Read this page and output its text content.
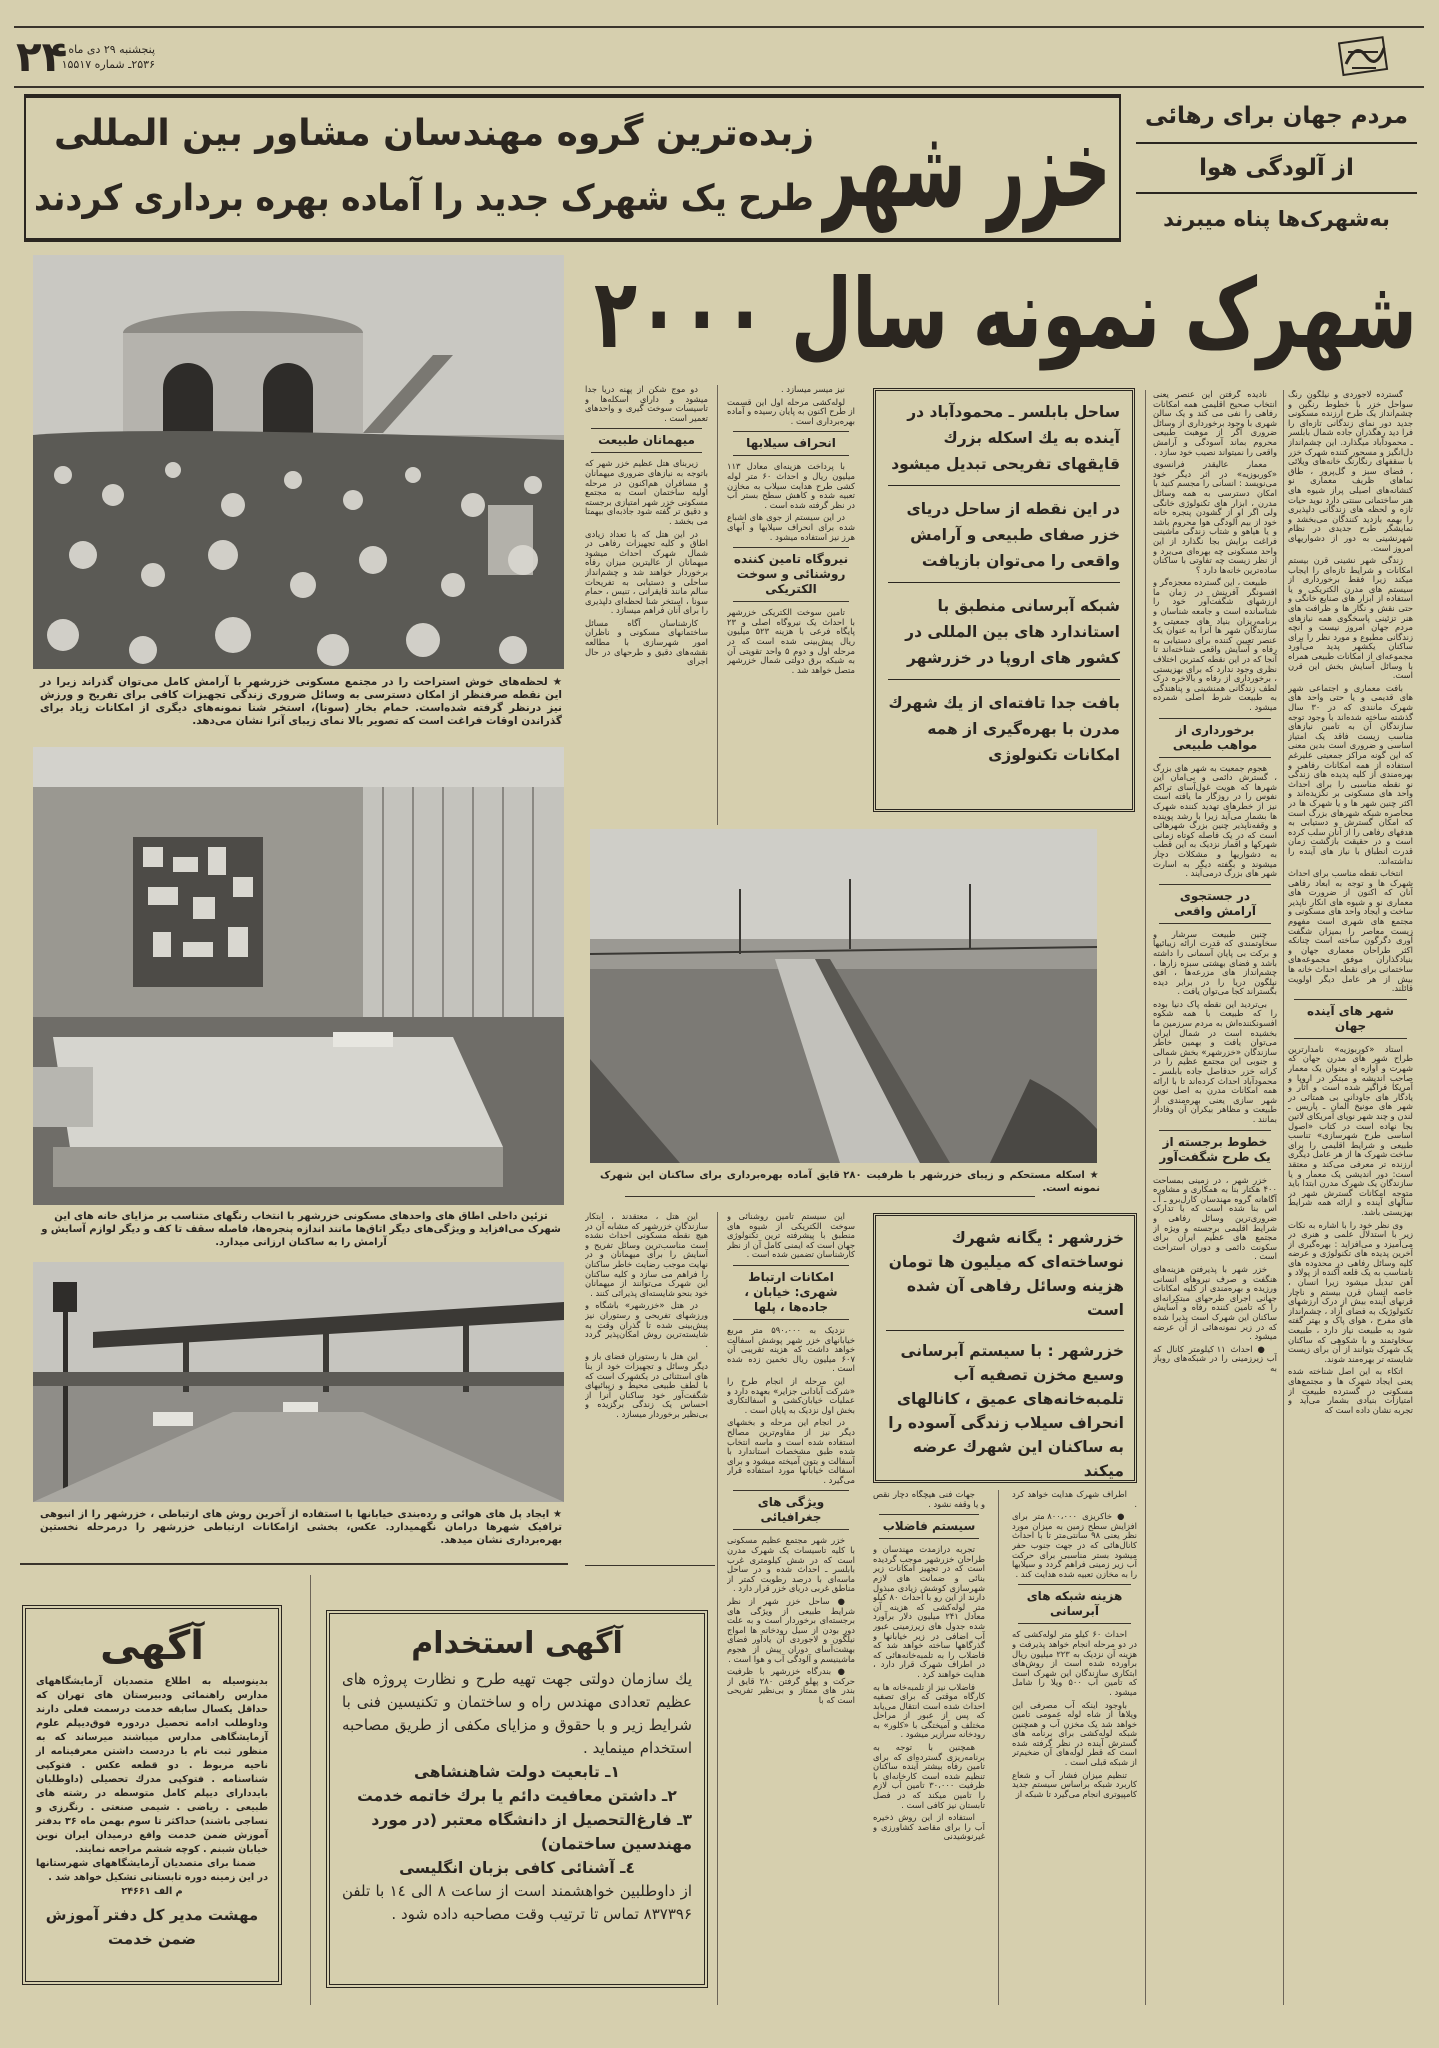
۲۴ پنجشنبه ۲۹ دی ماه
۲۵۳۶ـ شماره ۱۵۵۱۷
مردم جهان برای رهائی
از آلودگی هوا
به‌شهرک‌ها پناه میبرند
خزر شهر
زبده‌ترین گروه مهندسان مشاور بین المللی
طرح یک شهرک جدید را آماده بهره برداری کردند
شهرک نمونه سال ۲۰۰۰
★ لحظه‌های خوش استراحت را در مجتمع مسکونی خزرشهر با آرامش کامل می‌توان گذراند زیرا در این نقطه صرفنظر از امکان دسترسی به وسائل ضروری زندگی تجهیزات کافی برای تفریح و ورزش نیز درنظر گرفته شده‌است. حمام بخار (سونا)، استخر شنا نمونه‌های دیگری از امکانات زیاد برای گذراندن اوقات فراغت است که تصویر بالا نمای زیبای آنرا نشان می‌دهد.
تزئین داخلی اطاق های واحدهای مسکونی خزرشهر با انتخاب رنگهای متناسب بر مزایای خانه های این شهرک می‌افزاید و ویژگی‌های دیگر اتاق‌ها مانند اندازه پنجره‌ها، فاصله سقف تا کف و دیگر لوازم آسایش و آرامش را به ساکنان ارزانی میدارد.
★ ایجاد پل های هوائی و ردەبندی خیابانها با استفاده از آخرین روش های ارتباطی ، خزرشهر را از انبوهی ترافیک شهرها درامان نگهمیدارد. عکس، بخشی ازامکانات ارتباطی خزرشهر را درمرحله نخستین بهره‌برداری نشان میدهد.

دو موج شکن از پهنه دریا جدا میشود و دارای اسکله‌ها و تاسیسات سوخت گیری و واحدهای تعمیر است .

میهمانان طبیعت

زیربنای هتل عظیم خزر شهر که باتوجه به نیازهای ضروری میهمانان و مسافران هم‌اکنون در مرحله اولیه ساختمان است به مجتمع مسکونی خزر شهر امتیازی برجسته و دقیق تر گفته شود جاذبه‌ای بیهمتا می بخشد .

در این هتل که با تعداد زیادی اطاق و کلیه تجهیزات رفاهی در شمال شهرک احداث میشود میهمانان از عالیترین میزان رفاه برخوردار خواهند شد و چشم‌انداز ساحلی و دستیابی به تفریحات سالم مانند قایقرانی ، تنیس ، حمام سونا ، استخر شنا لحظه‌ای دلپذیری را برای آنان فراهم میسازد .

کارشناسان آگاه مسائل ساختمانهای مسکونی و ناظران امور شهرسازی با مطالعه نقشه‌های دقیق و طرحهای در حال اجرای

نیز میسر میسازد .

لوله‌کشی مرحله اول این قسمت از طرح اکنون به پایان رسیده و آماده بهره‌برداری است .

انحراف سیلابها

با پرداخت هزینه‌ای معادل ۱۱۳ میلیون ریال و احداث ۶۰ متر لوله کشی طرح هدایت سیلاب به مخازن تعبیه شده و کاهش سطح بستر آب در نظر گرفته شده است .

در این سیستم از جوی های اشباع شده برای انحراف سیلابها و آبهای هرز نیز استفاده میشود .

نیروگاه تامین کننده روشنائی و سوخت الکتریکی

تامین سوخت الکتریکی خزرشهر با احداث یک نیروگاه اصلی و ۲۳ پایگاه فرعی با هزینه ۵۲۳ میلیون ریال پیش‌بینی شده است که در مرحله اول و دوم ۵ واحد تقویتی آن به شبکه برق دولتی شمال خزرشهر متصل خواهد شد .

ساحل بابلسر ـ محمودآباد در آینده به یك اسکله بزرك قایقهای تفریحی تبدیل میشود
در این نقطه از ساحل دریای خزر صفای طبیعی و آرامش واقعی را می‌توان بازیافت
شبکه آبرسانی منطبق با استاندارد های بین المللی در کشور های اروپا در خزرشهر
بافت جدا تافته‌ای از یك شهرك مدرن با بهره‌گیری از همه امکانات تکنولوژی

نادیده گرفتن این عنصر یعنی انتخاب صحیح اقلیمی همه امکانات رفاهی را نفی می کند و یک سالن شهری با وجود برخورداری از وسائل ضروری اگر از موهبت طبیعی محروم بماند آسودگی و آرامش واقعی را نمیتواند نصیب خود سازد .

معمار عالیقدر فرانسوی «کوربوزیه» در اثر دیگر خود می‌نویسد : انسانی را مجسم کنید با امکان دسترسی به همه وسائل مدرن ، ابزار های تکنولوژی خانگی ولی اگر او از گشودن پنجره خانه خود از بیم آلودگی هوا محروم باشد و یا هیاهو و شتاب زندگی ماشینی فراغت برایش بجا نگذارد از این واحد مسکونی چه بهره‌ای می‌برد و از نظر زیست چه تفاوتی با ساکنان ساده‌ترین خانه‌ها دارد ؟

طبیعت ، این گسترده معجزه‌گر و افسونگر آفرینش در زمان ما ارزشهای شگفت‌آور خود را شناسانده است و جامعه شناسان و برنامه‌ریزان بنیاد های جمعیتی و سازندگان شهر ها آنرا به عنوان یک عنصر تعیین کننده برای دستیابی به رفاه و آسایش واقعی شناخته‌اند تا آنجا که در این نقطه کمترین اختلاف نظری وجود ندارد که برای بهزیستی ، برخورداری از رفاه و بالاخره درک لطف زندگانی همنشینی و پناهندگی به طبیعت شرط اصلی شمرده میشود .

برخورداری از مواهب طبیعی

هجوم جمعیت به شهر های بزرگ ، گسترش دائمی و بی‌امان این شهرها که هویت غول‌آسای تراکم نفوس را در روزگار ما یافته است نیز از خطرهای تهدید کننده شهرک ها بشمار می‌آید زیرا با رشد پوینده و وقفه‌ناپذیر چنین بزرگ شهرهائی است که در یک فاصله کوتاه زمانی شهرکها و اقمار نزدیک به این قطب به دشواریها و مشکلات دچار میشوند و بگفته دیگر به اسارت شهر های بزرگ درمی‌آیند .

در جستجوی آرامش واقعی

چنین طبیعت سرشار و سخاوتمندی که قدرت ارائه زیبائیها و برکت بی پایان آسمانی را داشته باشد و فضای بهشتی سبزه زارها ، چشم‌انداز های مزرعه‌ها ، افق نیلگون دریا را در برابر دیده بگستراند کجا می‌توان یافت .

بی‌تردید این نقطه پاک دنیا بوده را که طبیعت با همه شکوه افسونکننده‌اش به مردم سرزمین ما بخشیده است در شمال ایران می‌توان یافت و بهمین خاطر سازندگان «خزرشهر» بخش شمالی و جنوبی این مجتمع عظیم را در کرانه خزر حدفاصل جاده بابلسر ـ محمودآباد احداث کرده‌اند تا با ارائه همه امکانات مدرن به اصل نوین شهر سازی یعنی بهره‌مندی از طبیعت و مظاهر بیکران آن وفادار بمانند .

خطوط برجسته از یک طرح شگفت‌آور

خزر شهر ، در زمینی بمساحت ۴۰۰ هکتار بنا به همکاری و مشاوره آگاهانه گروه مهندسان کارل‌برو ـ آ ـ اس بنا شده است که با تدارک ضروری‌ترین وسائل رفاهی و شرایط اقلیمی برجسته و ویژه از مجتمع های عظیم ایران برای سکونت دائمی و دوران استراحت است .

خزر شهر با پذیرفتن هزینه‌های هنگفت و صرف نیروهای انسانی ورزیده و بهره‌مندی از کلیه امکانات جهانی اجرای طرحهای مبتکرانه‌ای را که تامین کننده رفاه و آسایش ساکنان این شهرک است پذیرا شده که در زیر نمونه‌هائی از آن عرضه میشود .

● احداث ۱۱ کیلومتر کانال که آب زیرزمینی را در شبکه‌های روباز به

گسترده لاجوردی و نیلگون رنگ سواحل خزر با خطوط رنگین و چشم‌انداز یک طرح ارزنده مسکونی جدید دور نمای زندگانی تازه‌ای را فرا دید رهگذران جاده شمال بابلسر ـ محمودآباد میگذارد. این چشم‌انداز دل‌انگیز و مسحور کننده شهرک خزر با سقفهای رنگارنگ خانه‌های ویلائی ، فضای سبز و گل‌پرور ، طاق نماهای ظریف معماری نو کنشانه‌های اصیلی پراز شیوه های هنر ساختمانی سنتی دارد نوید حیات تازه و لحظه های زندگانی دلپذیری را بهمه بازدید کنندگان می‌بخشد و نمایشگر طرح جدیدی در نظام شهرنشینی به دور از دشواریهای امروز است.

زندگی شهر نشینی قرن بیستم امکانات و شرایط تازه‌ای را ایجاب میکند زیرا فقط برخورداری از سیستم های مدرن الکتریکی و یا استفاده از ابزار های صنایع خانگی و حتی نقش و نگار ها و ظرافت های هنر تزئینی پاسخگوی همه نیازهای مردم جهان امروز نیست و آنچه زندگانی مطبوع و مورد نظر را برای ساکنان یکشهر پدید می‌آورد مجموعه‌ای از امکانات طبیعی همراه با وسائل آسایش بخش این قرن است.

بافت معماری و اجتماعی شهر های قدیمی و یا حتی واحد های شهرک مانندی که در ۳۰ سال گذشته ساخته شده‌اند با وجود توجه سازندگان آن به تامین نیازهای مناسب زیست فاقد یک امتیاز اساسی و ضروری است بدین معنی که این گونه مراکز جمعیتی علیرغم استفاده از همه امکانات رفاهی و بهره‌مندی از کلیه پدیده های زندگی نو نقطه مناسبی را برای احداث واحد های مسکونی بر نگزیده‌اند و اکثر چنین شهر ها و یا شهرک ها در محاصره شبکه شهرهای بزرگ است که امکان گسترش و دستیابی به هدفهای رفاهی را از آنان سلب کرده است و در حقیقت بازگشت زمان قدرت انطباق با نیاز های آینده را نداشته‌اند.

انتخاب نقطه مناسب برای احداث شهرک ها و توجه به ابعاد رفاهی آنان که اکنون از ضرورت های معماری نو و شیوه های انکار ناپذیر ساخت و ایجاد واحد های مسکونی و مجتمع های شهری است مفهوم زیست معاصر را بمیزان شگفت آوری دگرگون ساخته است چنانکه اکثر طراحان معماری جهان و بنیادگذاران موفق مجموعه‌های ساختمانی برای نقطه احداث خانه ها بیش از هر عامل دیگر اولویت قائلند.

شهر های آینده جهان

استاد «کوربوزیه» نامدارترین طراح شهر های مدرن جهان که شهرت و آوازه او بعنوان یک معمار صاحب اندیشه و مبتکر در اروپا و آمریکا فراگیر شده است و آثار و یادگار های جاودانی بی همتائی در شهر های مونیخ آلمان ـ پاریس ـ لندن و چند شهر نوپای آمریکای لاتین بجا نهاده است در کتاب «اصول اساسی طرح شهرسازی» تناسب طبیعی و شرایط اقلیمی را برای ساخت شهرک ها از هر عامل دیگری ارزنده تر معرفی می‌کند و معتقد است: دور اندیشی یک معمار و یا سازندگان یک شهرک مدرن ابتدا باید متوجه امکانات گسترش شهر در سالهای آینده و ارائه همه شرایط بهزیستی باشد.

وی نظر خود را با اشاره به نکات زیر با استدلال علمی و هنری در می‌آمیزد و می‌افزاید : بهره‌گیری از آخرین پدیده های تکنولوژی و عرضه کلیه وسائل رفاهی در محدوده های نامناسب به یک قلعه آکنده از پولاد و آهن تبدیل میشود زیرا انسان ، خاصه انسان قرن بیستم و ناچار قرنهای آینده بیش از درک ارزشهای تکنولوژیک به فضای آزاد ، چشم‌انداز های مفرح ، هوای پاک و بهتر گفته شود به طبیعت نیاز دارد ، طبیعت سخاوتمند و با شکوهی که ساکنان یک شهرک بتوانند از آن برای زیست شایسته تر بهره‌مند شوند.

اتکاء به این اصل شناخته شده یعنی ایجاد شهرک ها و مجتمع‌های مسکونی در گسترده طبیعت از امتیازات بنیادی بشمار می‌آید و تجربه نشان داده است که

★ اسکله مستحکم و زیبای خزرشهر با ظرفیت ۲۸۰ قایق آماده بهره‌برداری برای ساکنان این شهرک نمونه است.

این هتل ، معتقدند ، ابتکار سازندگان خزرشهر که مشابه آن در هیچ نقطه مسکونی احداث نشده است مناسب‌ترین وسائل تفریح و آسایش را برای میهمانان و در نهایت موجب رضایت خاطر ساکنان را فراهم می سازد و کلیه ساکنان این شهرک می‌توانند از میهمانان خود بنحو شایسته‌ای پذیرائی کنند .

در هتل «خزرشهر» باشگاه و ورزشهای تفریحی و رستوران نیز پیش‌بینی شده تا گذران وقت به شایسته‌ترین روش امکان‌پذیر گردد .

این هتل با رستوران فضای باز و دیگر وسائل و تجهیزات خود از بنا های استثنائی در یکشهرک است که با لطف طبیعی محیط و زیبائیهای شگفت‌آور خود ساکنان آنرا از احساس یک زندگی برگزیده و بی‌نظیر برخوردار میسازد .

این سیستم تامین روشنائی و سوخت الکتریکی از شیوه های منطبق با پیشرفته ترین تکنولوژی جهان است که ایمنی کامل آن از نظر کارشناسان تضمین شده است .

امکانات ارتباط شهری: خیابان ، جاده‌ها ، پلها

نزدیک به ۵۹۰،۰۰۰ متر مربع خیابانهای خزر شهر پوشش اسفالت خواهد داشت که هزینه تقریبی آن ۶۰۷ میلیون ریال تخمین زده شده است .

این مرحله از انجام طرح را «شرکت آبادانی جزایر» بعهده دارد و عملیات خیابان‌کشی و اسفالتکاری بخش اول نزدیک به پایان است .

در انجام این مرحله و بخشهای دیگر نیز از مقاوم‌ترین مصالح استفاده شده است و ماسه انتخاب شده طبق مشخصات استاندارد با آسفالت و بتون آمیخته میشود و برای اسفالت خیابانها مورد استفاده قرار می‌گیرد .

ویژگی های جغرافیائی

خزر شهر مجتمع عظیم مسکونی با کلیه تاسیسات یک شهرک مدرن است که در شش کیلومتری غرب بابلسر ـ احداث شده و در ساحل ماسه‌ای با درصد رطوبت کمتر از مناطق غربی دریای خزر قرار دارد .

● ساحل خزر شهر از نظر شرایط طبیعی از ویژگی های برجسته‌ای برخوردار است و به علت دور بودن از سیل رودخانه ها امواج نیلگون و لاجوردی آن یادآور فضای بهشت‌آسای دوران پیش از هجوم ماشینیسم و آلودگی آب و هوا است .

● بندرگاه خزرشهر با ظرفیت حرکت و پهلو گرفتن ۲۸۰ قایق از بندر های ممتاز و بی‌نظیر تفریحی است که با

خزرشهر : یگانه شهرك نوساخته‌ای که میلیون ها تومان هزینه وسائل رفاهی آن شده است
خزرشهر : با سیستم آبرسانی وسیع مخزن تصفیه آب تلمبه‌خانه‌های عمیق ، کانالهای انحراف سیلاب زندگی آسوده را به ساکنان این شهرك عرضه میکند

جهات فنی هیچگاه دچار نقص و یا وقفه نشود .

سیستم فاضلاب

تجربه درازمدت مهندسان و طراحان خزرشهر موجب گردیده است که در تجهیز امکانات زیر بنائی و ضمانت های لازم شهرسازی کوشش زیادی مبذول دارند از این رو با احداث ۸۰ کیلو متر لوله‌کشی که هزینه آن معادل ۲۴۱ میلیون دلار برآورد شده جدول های زیرزمینی عبور آب اضافی در زیر خیابانها و گذرگاهها ساخته خواهد شد که فاضلاب را به تلمبه‌خانه‌هائی که در اطراف شهرک قرار دارد ، هدایت خواهند کرد .

فاضلاب نیز از تلمبه‌خانه ها به کارگاه موقتی که برای تصفیه احداث شده است انتقال می‌یابد که پس از عبور از مراحل مختلف و آمیختگی با «کلور» به رودخانه سرازیر میشود .

همچنین با توجه به برنامه‌ریزی گسترده‌ای که برای تامین رفاه بیشتر آینده ساکنان تنظیم شده است کارخانه‌ای با ظرفیت ۳۰،۰۰۰ تامین آب لازم را تامین میکند که در فصل تابستان نیز کافی است .

استفاده از این روش ذخیره آب را برای مقاصد کشاورزی و غیرنوشیدنی

اطراف شهرک هدایت خواهد کرد .

● خاکریزی ۸۰۰،۰۰۰ متر برای افزایش سطح زمین به میزان مورد نظر یعنی ۹۸ سانتی‌متر تا با احداث کانال‌هائی که در جهت جنوب حفر میشود بستر مناسبی برای حرکت آب زیر زمینی فراهم گردد و سیلابها را به مخازن تعبیه شده هدایت کند .

هزینه شبکه های آبرسانی

احداث ۶۰ کیلو متر لوله‌کشی که در دو مرحله انجام خواهد پذیرفت و هزینه آن نزدیک به ۲۲۳ میلیون ریال برآورده شده است از روش‌های ابتکاری سازندگان این شهرک است که تامین آب ۵۰۰ ویلا را شامل میشود .

باوجود اینکه آب مصرفی این ویلاها از شاه لوله عمومی تامین خواهد شد یک مخزن آب و همچنین شبکه لوله‌کشی برای برنامه های گسترش آینده در نظر گرفته شده است که قطر لوله‌های آن ضخیم‌تر از شبکه قبلی است .

تنظیم میزان فشار آب و شعاع کاربرد شبکه براساس سیستم جدید کامپیوتری انجام می‌گیرد تا شبکه از

آگهی
بدینوسیله به اطلاع متصدیان آزمایشگاههای مدارس راهنمائی ودبیرستان های تهران که حداقل یکسال سابقه خدمت درسمت فعلی دارند وداوطلب ادامه تحصیل دردوره فوق‌دیپلم علوم آزمایشگاهی مدارس میباشند میرساند که به منظور ثبت نام با دردست داشتن معرفینامه از ناحیه مربوط . دو قطعه عکس . فتوکپی شناسنامه . فتوکپی مدرك تحصیلی (داوطلبان بایددارای دیپلم کامل متوسطه در رشته های طبیعی . ریاضی . شیمی صنعتی . رنگرزی و نساجی باشند) حداکثر تا سوم بهمن ماه ۳۶ بدفتر آموزش ضمن خدمت واقع درمیدان ایران نوین خیابان شبنم . کوچه ششم مراجعه نمایند.
ضمنا برای متصدیان آزمایشگاههای شهرستانها در این زمینه دوره تابستانی تشکیل خواهد شد .
م الف ۲۴۶۶۱
مهشت مدیر کل دفتر آموزش ضمن خدمت
آگهی استخدام
یك سازمان دولتی جهت تهیه طرح و نظارت پروژه های عظیم تعدادی مهندس راه و ساختمان و تکنیسین فنی با شرایط زیر و با حقوق و مزایای مکفی از طریق مصاحبه استخدام مینماید .
۱ـ تابعیت دولت شاهنشاهی
۲ـ داشتن معافیت دائم یا برك خاتمه خدمت
۳ـ فارغ‌التحصیل از دانشگاه معتبر (در مورد مهندسین ساختمان)
٤ـ آشنائی کافی بزبان انگلیسی
از داوطلبین خواهشمند است از ساعت ۸ الی ۱٤ با تلفن ۸۳۷۳۹۶ تماس تا ترتیب وقت مصاحبه داده شود .
